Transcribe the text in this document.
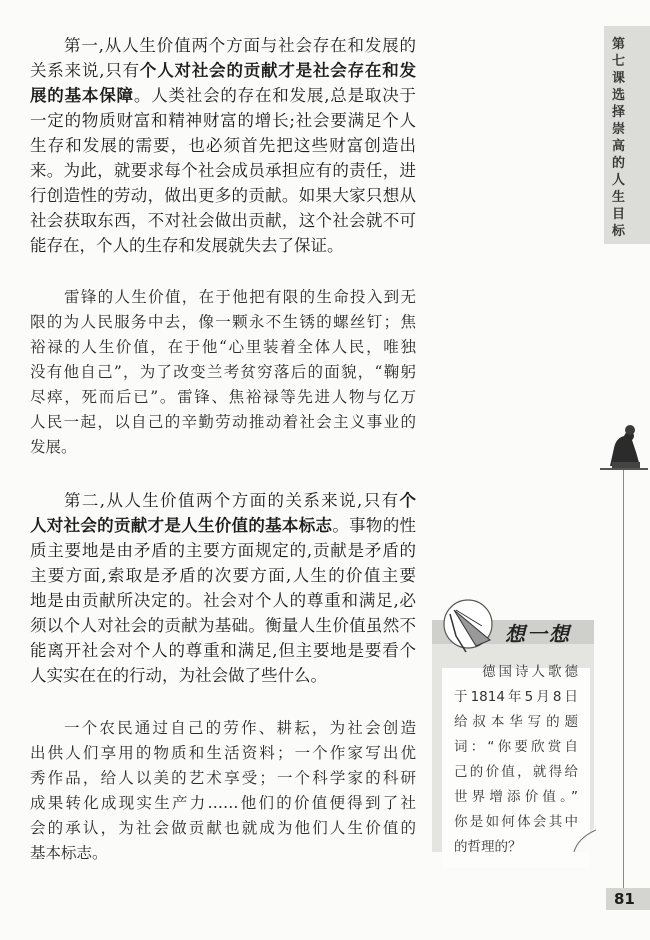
第七课　选择崇高的人生目标
第一,从人生价值两个方面与社会存在和发展的
关系来说,只有个人对社会的贡献才是社会存在和发
展的基本保障。人类社会的存在和发展,总是取决于
一定的物质财富和精神财富的增长;社会要满足个人
生存和发展的需要，也必须首先把这些财富创造出
来。为此，就要求每个社会成员承担应有的责任，进
行创造性的劳动，做出更多的贡献。如果大家只想从
社会获取东西，不对社会做出贡献，这个社会就不可
能存在，个人的生存和发展就失去了保证。
雷锋的人生价值，在于他把有限的生命投入到无
限的为人民服务中去，像一颗永不生锈的螺丝钉；焦
裕禄的人生价值，在于他“心里装着全体人民，唯独
没有他自己”，为了改变兰考贫穷落后的面貌，“鞠躬
尽瘁，死而后已”。雷锋、焦裕禄等先进人物与亿万
人民一起，以自己的辛勤劳动推动着社会主义事业的
发展。
第二,从人生价值两个方面的关系来说,只有个
人对社会的贡献才是人生价值的基本标志。事物的性
质主要地是由矛盾的主要方面规定的,贡献是矛盾的
主要方面,索取是矛盾的次要方面,人生的价值主要
地是由贡献所决定的。社会对个人的尊重和满足,必
须以个人对社会的贡献为基础。衡量人生价值虽然不
能离开社会对个人的尊重和满足,但主要地是要看个
人实实在在的行动，为社会做了些什么。
一个农民通过自己的劳作、耕耘，为社会创造
出供人们享用的物质和生活资料；一个作家写出优
秀作品，给人以美的艺术享受；一个科学家的科研
成果转化成现实生产力……他们的价值便得到了社
会的承认，为社会做贡献也就成为他们人生价值的
基本标志。
想一想
德国诗人歌德
于1814年5月8日
给叔本华写的题
词：“你要欣赏自
己的价值，就得给
世界增添价值。”
你是如何体会其中
的哲理的？
81
